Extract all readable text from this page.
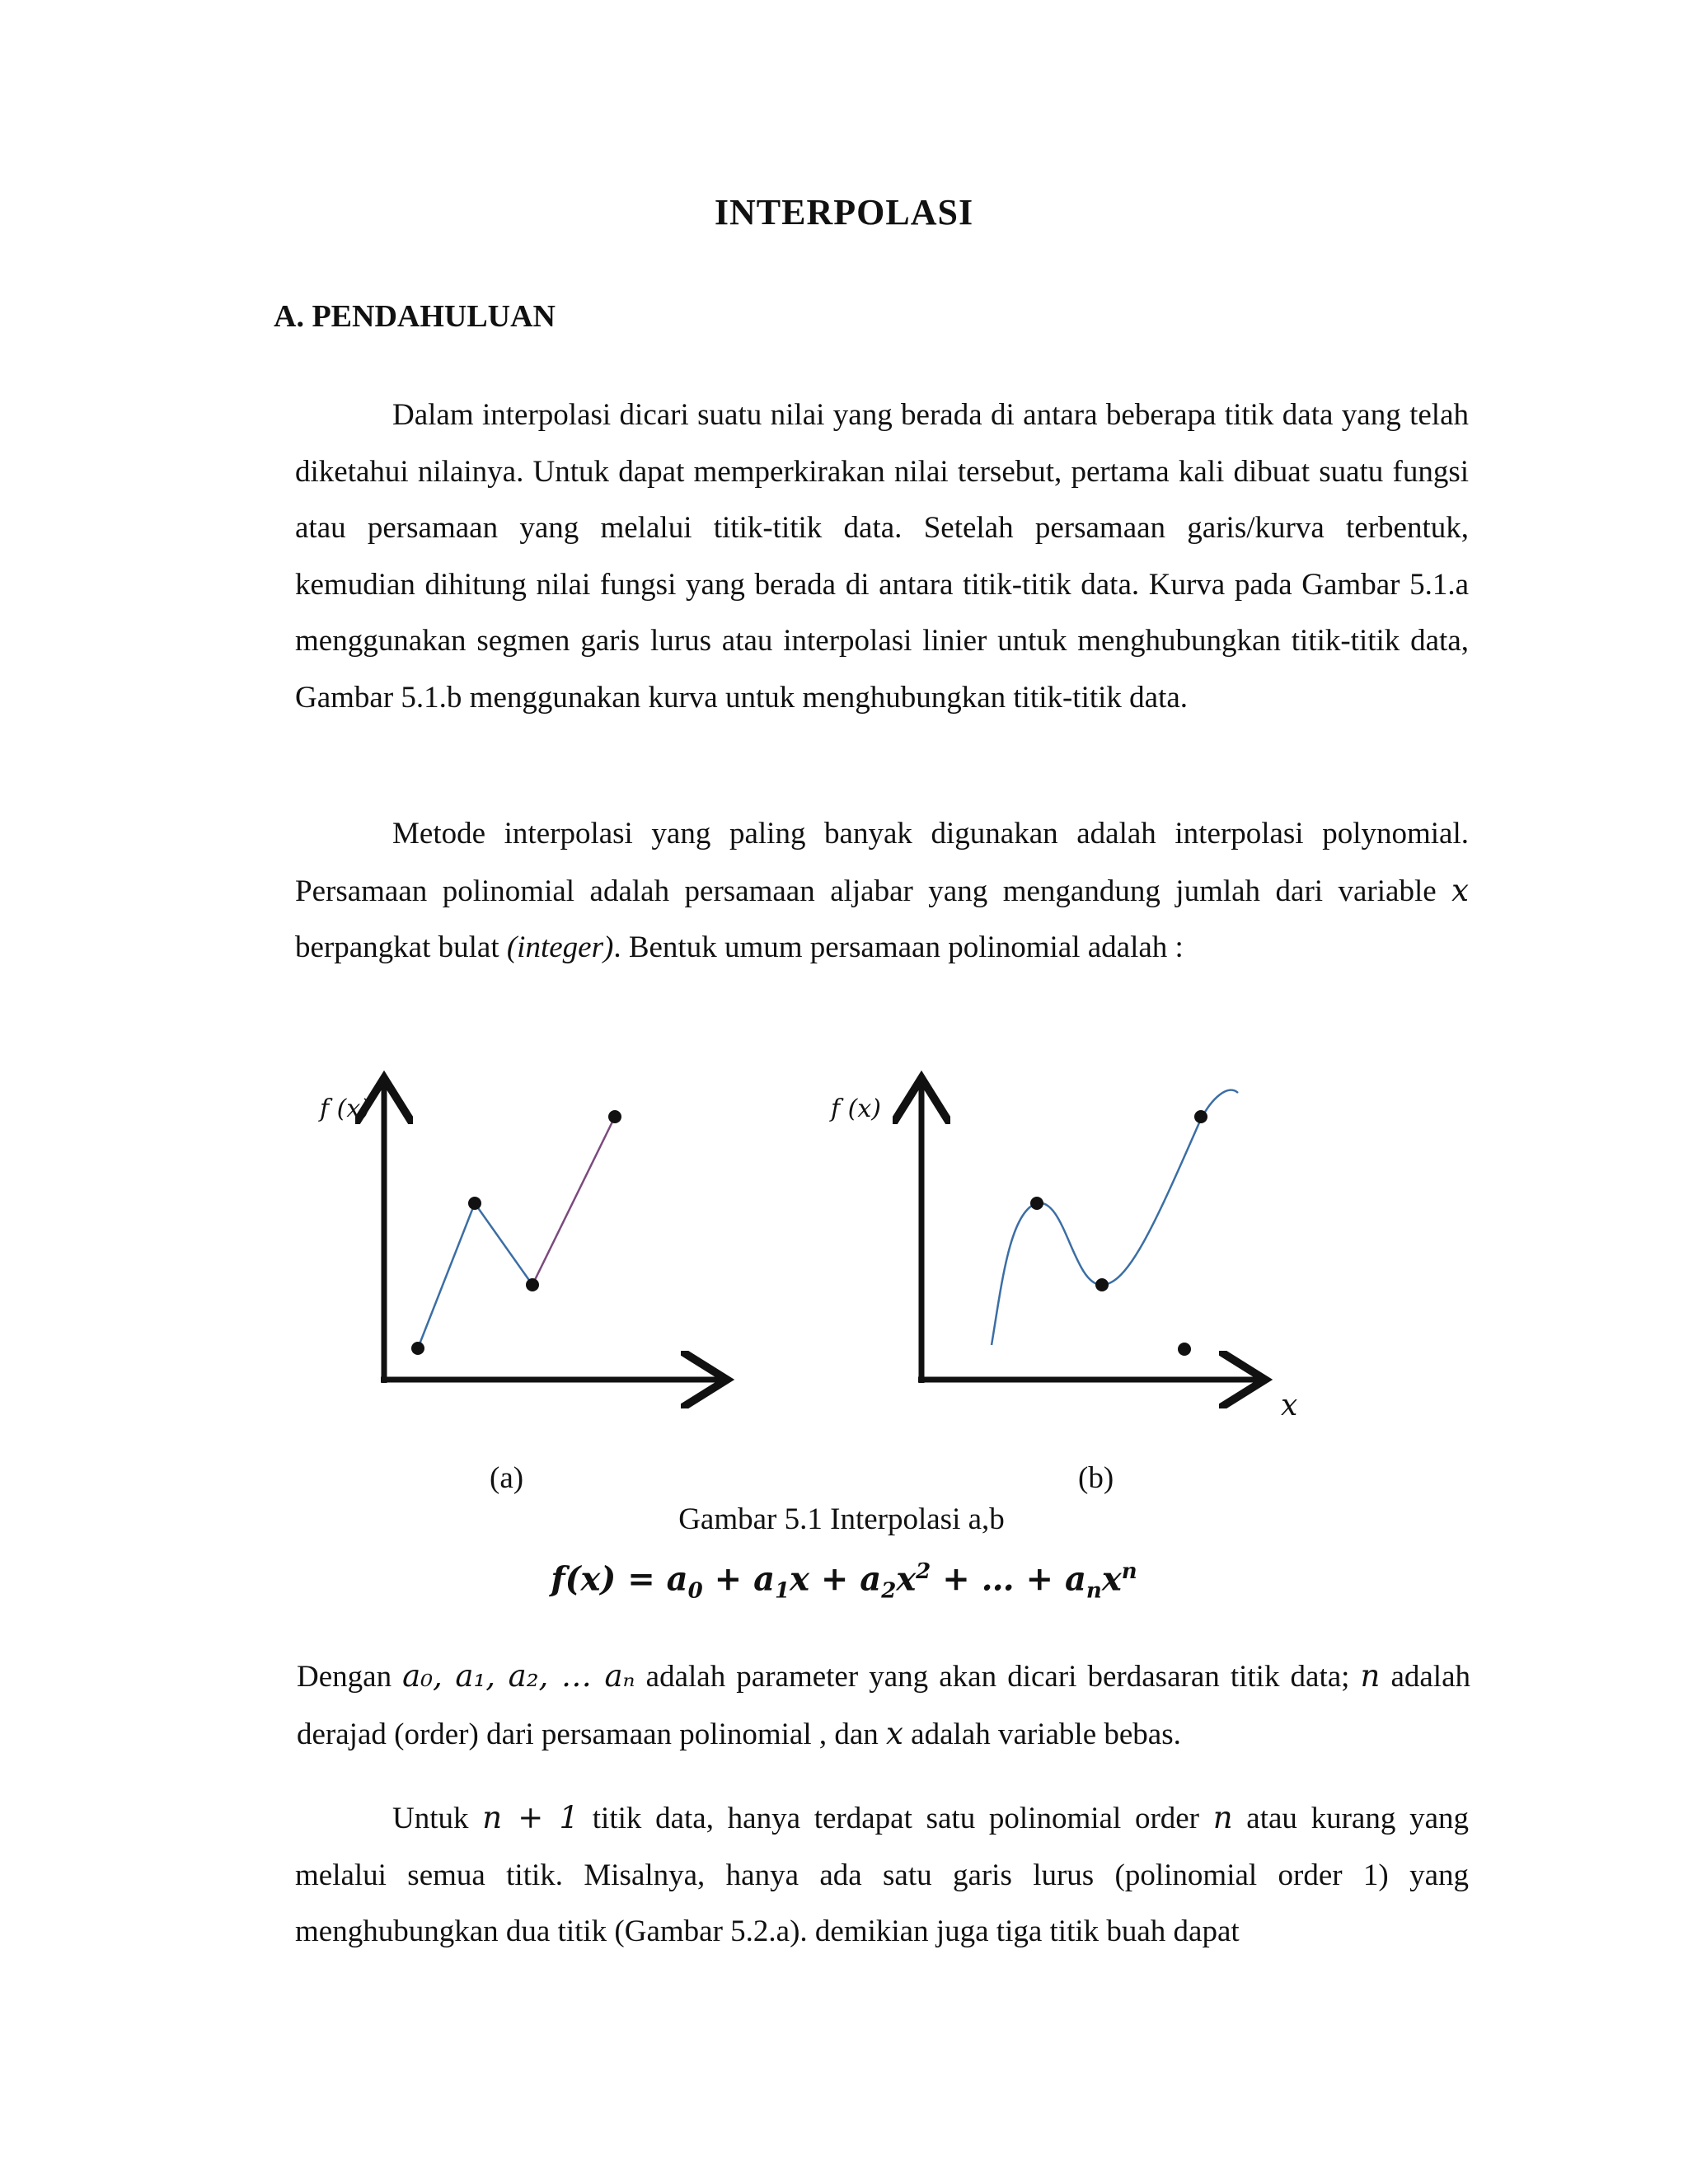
INTERPOLASI
A. PENDAHULUAN
Dalam interpolasi dicari suatu nilai yang berada di antara beberapa titik data yang telah diketahui nilainya. Untuk dapat memperkirakan nilai tersebut, pertama kali dibuat suatu fungsi atau persamaan yang melalui titik-titik data. Setelah persamaan garis/kurva terbentuk, kemudian dihitung nilai fungsi yang berada di antara titik-titik data. Kurva pada Gambar 5.1.a menggunakan segmen garis lurus atau interpolasi linier untuk menghubungkan titik-titik data, Gambar 5.1.b menggunakan kurva untuk menghubungkan titik-titik data.
Metode interpolasi yang paling banyak digunakan adalah interpolasi polynomial. Persamaan polinomial adalah persamaan aljabar yang mengandung jumlah dari variable x berpangkat bulat (integer). Bentuk umum persamaan polinomial adalah :
f (x)	f (x)
x
(a)	(b)
Gambar 5.1 Interpolasi a,b
$f(x) = a_0 + a_1x + a_2x^2$ + … + $a_nx^n$
Dengan a₀, a₁, a₂, … aₙ adalah parameter yang akan dicari berdasaran titik data; n adalah derajad (order) dari persamaan polinomial , dan x adalah variable bebas.
Untuk n + 1 titik data, hanya terdapat satu polinomial order n atau kurang yang melalui semua titik. Misalnya, hanya ada satu garis lurus (polinomial order 1) yang menghubungkan dua titik (Gambar 5.2.a). demikian juga tiga titik buah dapat
